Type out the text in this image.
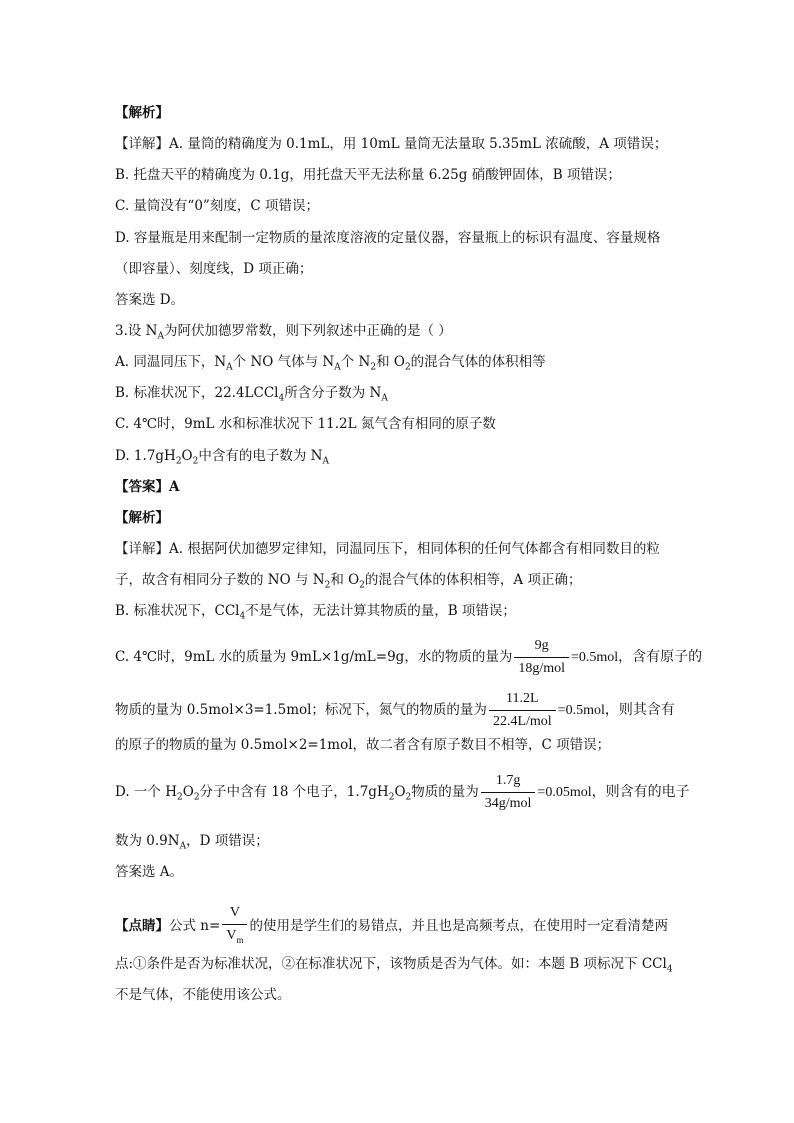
【解析】
【详解】A. 量筒的精确度为 0.1mL，用 10mL 量筒无法量取 5.35mL 浓硫酸，A 项错误；
B. 托盘天平的精确度为 0.1g，用托盘天平无法称量 6.25g 硝酸钾固体，B 项错误；
C. 量筒没有“0”刻度，C 项错误；
D. 容量瓶是用来配制一定物质的量浓度溶液的定量仪器，容量瓶上的标识有温度、容量规格
（即容量）、刻度线，D 项正确；
答案选 D。
3.设 $N_A$为阿伏加德罗常数，则下列叙述中正确的是（ ）
A. 同温同压下，$N_A$个 NO 气体与 $N_A$个 $N_2$和 $O_2$的混合气体的体积相等
B. 标准状况下，22.4LCCl$_4$所含分子数为 $N_A$
C. 4℃时，9mL 水和标准状况下 11.2L 氮气含有相同的原子数
D. $1.7gH_2O_2$中含有的电子数为 $N_A$
【答案】A
【解析】
【详解】A. 根据阿伏加德罗定律知，同温同压下，相同体积的任何气体都含有相同数目的粒
子，故含有相同分子数的 NO 与 $N_2$和 $O_2$的混合气体的体积相等，A 项正确；
B. 标准状况下，CCl$_4$不是气体，无法计算其物质的量，B 项错误；
C. 4℃时，9mL 水的质量为 9mL×1g/mL=9g，水的物质的量为 $\frac{9g}{\text{18g/mol}} =0.5mol$，含有原子的
物质的量为 0.5mol×3=1.5mol；标况下，氮气的物质的量为 $\frac{11.2L}{\text{22.4L/mol}} =0.5mol$，则其含有
的原子的物质的量为 0.5mol×2=1mol，故二者含有原子数目不相等，C 项错误；
D. 一个 $H_2O_2$分子中含有 18 个电子，$1.7gH_2O_2$物质的量为 $\frac{1.7g}{\text{34g/mol}} =0.05mol$，则含有的电子
数为 $0.9N_A$，D 项错误；
答案选 A。
【点睛】公式 $n= \frac{V}{V_m}$ 的使用是学生们的易错点，并且也是高频考点，在使用时一定看清楚两
点:①条件是否为标准状况，②在标准状况下，该物质是否为气体。如：本题 B 项标况下 CCl$_4$
不是气体，不能使用该公式。
